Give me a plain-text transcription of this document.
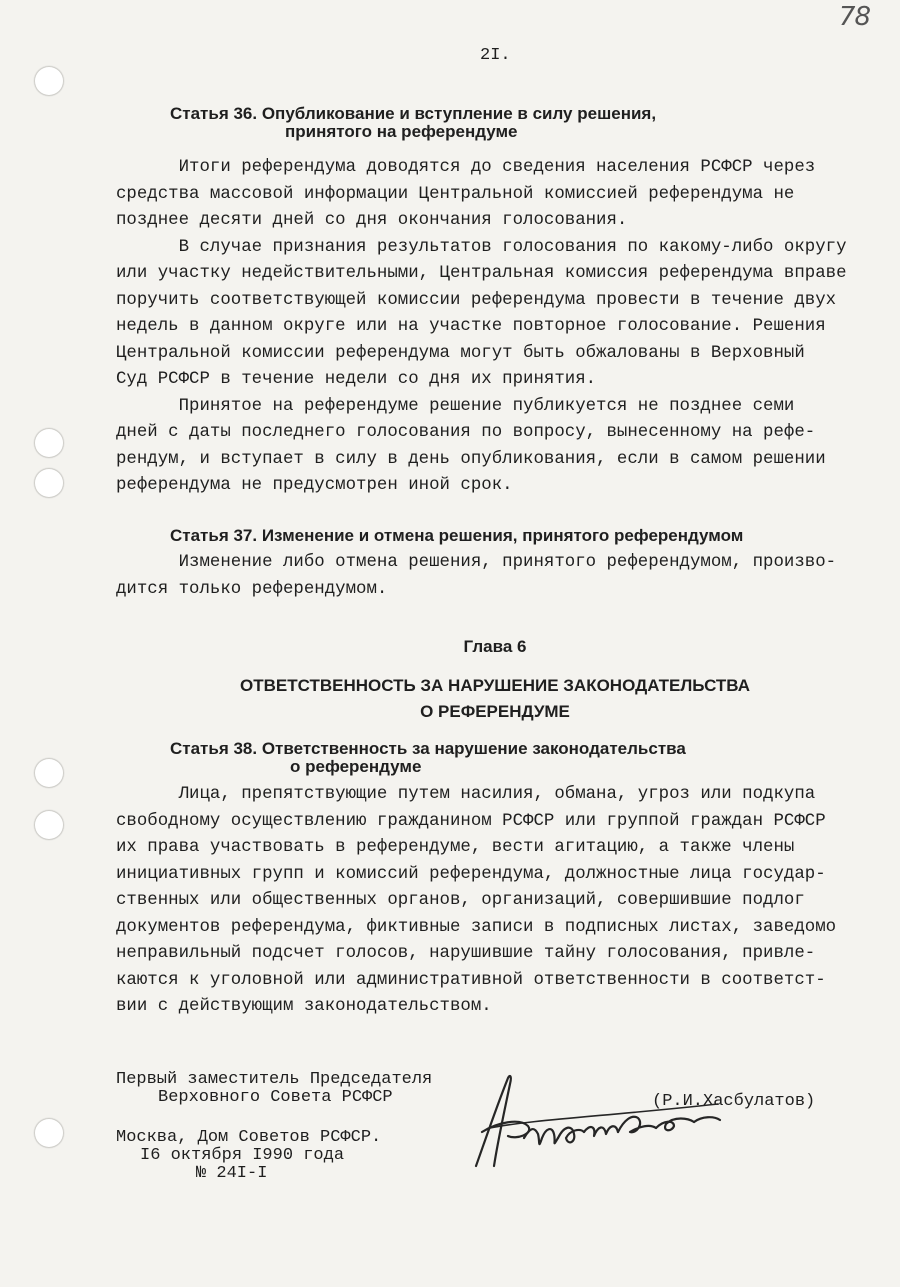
78
2I.
Статья 36. Опубликование и вступление в силу решения,
принятого на референдуме

Итоги референдума доводятся до сведения населения РСФСР через

средства массовой информации Центральной комиссией референдума не

позднее десяти дней со дня окончания голосования.

В случае признания результатов голосования по какому-либо округу

или участку недействительными, Центральная комиссия референдума вправе

поручить соответствующей комиссии референдума провести в течение двух

недель в данном округе или на участке повторное голосование. Решения

Центральной комиссии референдума могут быть обжалованы в Верховный

Суд РСФСР в течение недели со дня их принятия.

Принятое на референдуме решение публикуется не позднее семи

дней с даты последнего голосования по вопросу, вынесенному на рефе-

рендум, и вступает в силу в день опубликования, если в самом решении

референдума не предусмотрен иной срок.

Статья 37. Изменение и отмена решения, принятого референдумом

Изменение либо отмена решения, принятого референдумом, произво-

дится только референдумом.

Глава 6
ОТВЕТСТВЕННОСТЬ ЗА НАРУШЕНИЕ ЗАКОНОДАТЕЛЬСТВА
О РЕФЕРЕНДУМЕ
Статья 38. Ответственность за нарушение законодательства
о референдуме

Лица, препятствующие путем насилия, обмана, угроз или подкупа

свободному осуществлению гражданином РСФСР или группой граждан РСФСР

их права участвовать в референдуме, вести агитацию, а также члены

инициативных групп и комиссий референдума, должностные лица государ-

ственных или общественных органов, организаций, совершившие подлог

документов референдума, фиктивные записи в подписных листах, заведомо

неправильный подсчет голосов, нарушившие тайну голосования, привле-

каются к уголовной или административной ответственности в соответст-

вии с действующим законодательством.

Первый заместитель Председателя
Верховного Совета РСФСР	(Р.И.Хасбулатов)
Москва, Дом Советов РСФСР.
I6 октября I990 года
№ 24I-I
